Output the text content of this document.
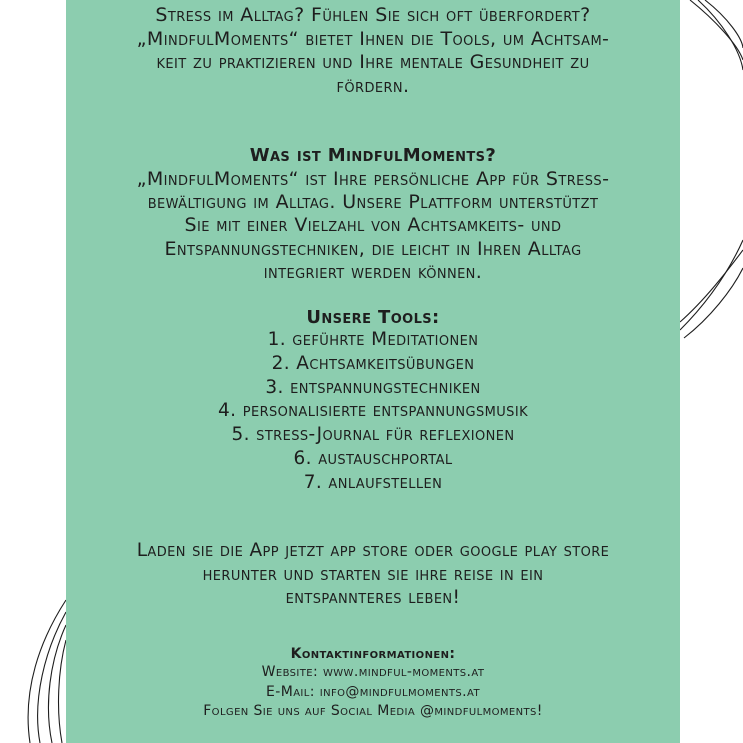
Stress im Alltag? Fühlen Sie sich oft überfordert?
„MindfulMoments“ bietet Ihnen die Tools, um Achtsam-
keit zu praktizieren und Ihre mentale Gesundheit zu
fördern.

Was ist MindfulMoments?

„MindfulMoments“ ist Ihre persönliche App für Stress-
bewältigung im Alltag. Unsere Plattform unterstützt
Sie mit einer Vielzahl von Achtsamkeits- und
Entspannungstechniken, die leicht in Ihren Alltag
integriert werden können.

Unsere Tools:
1. geführte Meditationen
2. Achtsamkeitsübungen
3. entspannungstechniken
4. personalisierte entspannungsmusik
5. stress-Journal für reflexionen
6. austauschportal
7. anlaufstellen

Laden sie die App jetzt app store oder google play store
herunter und starten sie ihre reise in ein
entspannteres leben!

Kontaktinformationen:

Website: www.mindful-moments.at
E-Mail: info@mindfulmoments.at
Folgen Sie uns auf Social Media @mindfulmoments!
